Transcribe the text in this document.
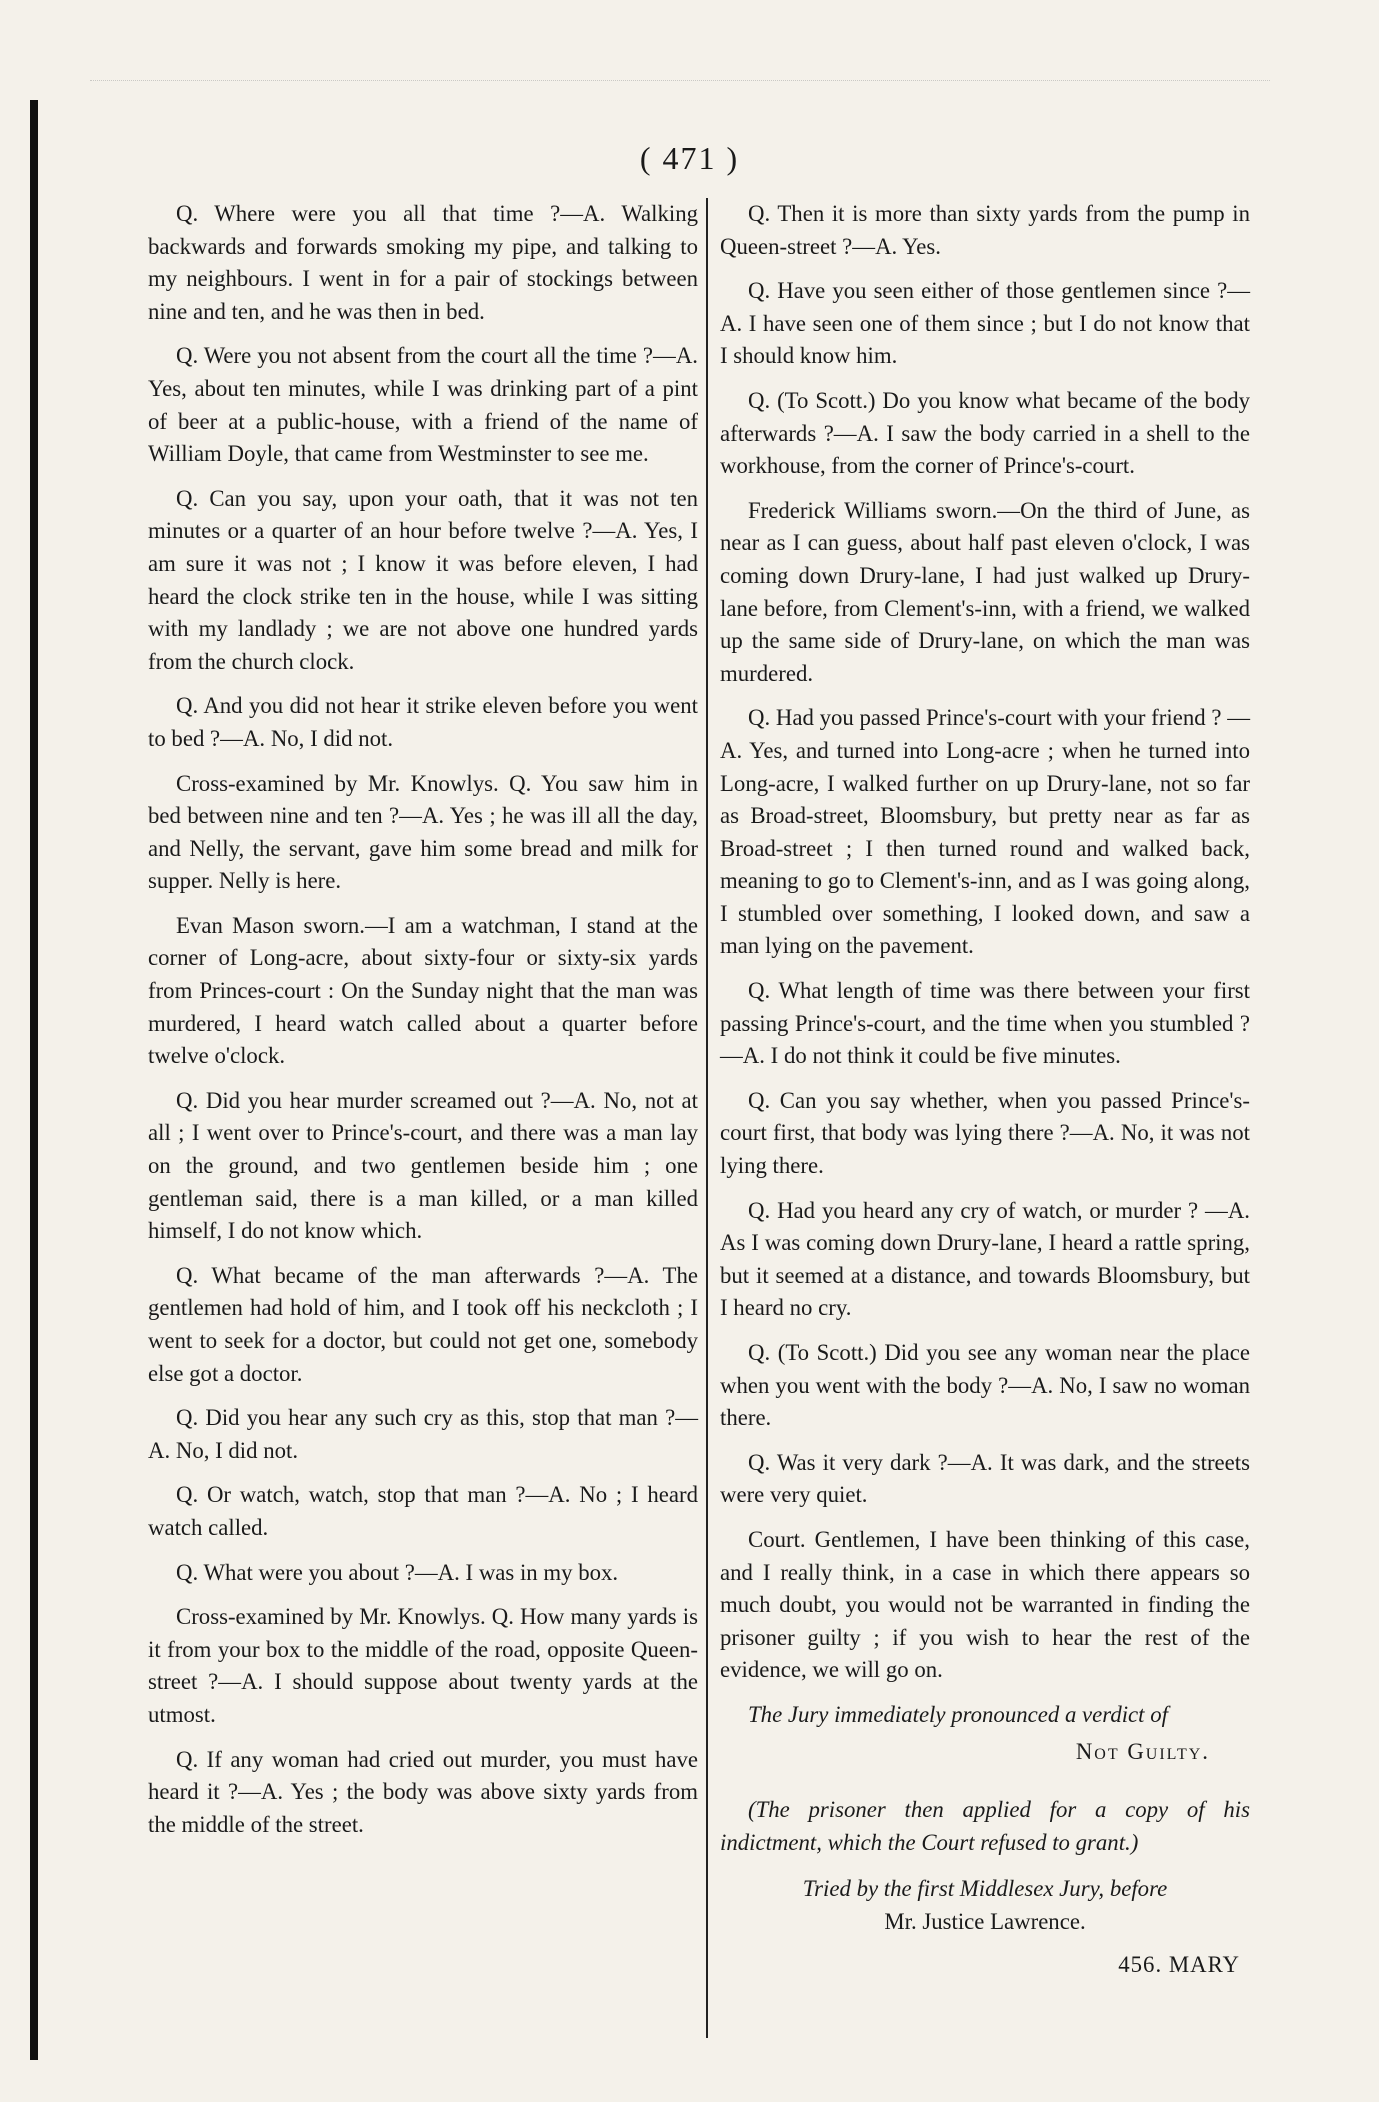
( 471 )

Q. Where were you all that time ?—A. Walking backwards and forwards smoking my pipe, and talking to my neighbours. I went in for a pair of stockings between nine and ten, and he was then in bed.

Q. Were you not absent from the court all the time ?—A. Yes, about ten minutes, while I was drinking part of a pint of beer at a public-house, with a friend of the name of William Doyle, that came from Westminster to see me.

Q. Can you say, upon your oath, that it was not ten minutes or a quarter of an hour before twelve ?—A. Yes, I am sure it was not ; I know it was before eleven, I had heard the clock strike ten in the house, while I was sitting with my landlady ; we are not above one hundred yards from the church clock.

Q. And you did not hear it strike eleven before you went to bed ?—A. No, I did not.

Cross-examined by Mr. Knowlys. Q. You saw him in bed between nine and ten ?—A. Yes ; he was ill all the day, and Nelly, the servant, gave him some bread and milk for supper. Nelly is here.

Evan Mason sworn.—I am a watchman, I stand at the corner of Long-acre, about sixty-four or sixty-six yards from Princes-court : On the Sunday night that the man was murdered, I heard watch called about a quarter before twelve o'clock.

Q. Did you hear murder screamed out ?—A. No, not at all ; I went over to Prince's-court, and there was a man lay on the ground, and two gentlemen beside him ; one gentleman said, there is a man killed, or a man killed himself, I do not know which.

Q. What became of the man afterwards ?—A. The gentlemen had hold of him, and I took off his neckcloth ; I went to seek for a doctor, but could not get one, somebody else got a doctor.

Q. Did you hear any such cry as this, stop that man ?—A. No, I did not.

Q. Or watch, watch, stop that man ?—A. No ; I heard watch called.

Q. What were you about ?—A. I was in my box.

Cross-examined by Mr. Knowlys. Q. How many yards is it from your box to the middle of the road, opposite Queen-street ?—A. I should suppose about twenty yards at the utmost.

Q. If any woman had cried out murder, you must have heard it ?—A. Yes ; the body was above sixty yards from the middle of the street.

Q. Then it is more than sixty yards from the pump in Queen-street ?—A. Yes.

Q. Have you seen either of those gentlemen since ?—A. I have seen one of them since ; but I do not know that I should know him.

Q. (To Scott.) Do you know what became of the body afterwards ?—A. I saw the body carried in a shell to the workhouse, from the corner of Prince's-court.

Frederick Williams sworn.—On the third of June, as near as I can guess, about half past eleven o'clock, I was coming down Drury-lane, I had just walked up Drury-lane before, from Clement's-inn, with a friend, we walked up the same side of Drury-lane, on which the man was murdered.

Q. Had you passed Prince's-court with your friend ? —A. Yes, and turned into Long-acre ; when he turned into Long-acre, I walked further on up Drury-lane, not so far as Broad-street, Bloomsbury, but pretty near as far as Broad-street ; I then turned round and walked back, meaning to go to Clement's-inn, and as I was going along, I stumbled over something, I looked down, and saw a man lying on the pavement.

Q. What length of time was there between your first passing Prince's-court, and the time when you stumbled ? —A. I do not think it could be five minutes.

Q. Can you say whether, when you passed Prince's-court first, that body was lying there ?—A. No, it was not lying there.

Q. Had you heard any cry of watch, or murder ? —A. As I was coming down Drury-lane, I heard a rattle spring, but it seemed at a distance, and towards Bloomsbury, but I heard no cry.

Q. (To Scott.) Did you see any woman near the place when you went with the body ?—A. No, I saw no woman there.

Q. Was it very dark ?—A. It was dark, and the streets were very quiet.

Court. Gentlemen, I have been thinking of this case, and I really think, in a case in which there appears so much doubt, you would not be warranted in finding the prisoner guilty ; if you wish to hear the rest of the evidence, we will go on.

The Jury immediately pronounced a verdict of

Not Guilty.

(The prisoner then applied for a copy of his indictment, which the Court refused to grant.)

Tried by the first Middlesex Jury, before

Mr. Justice Lawrence.

456. MARY
